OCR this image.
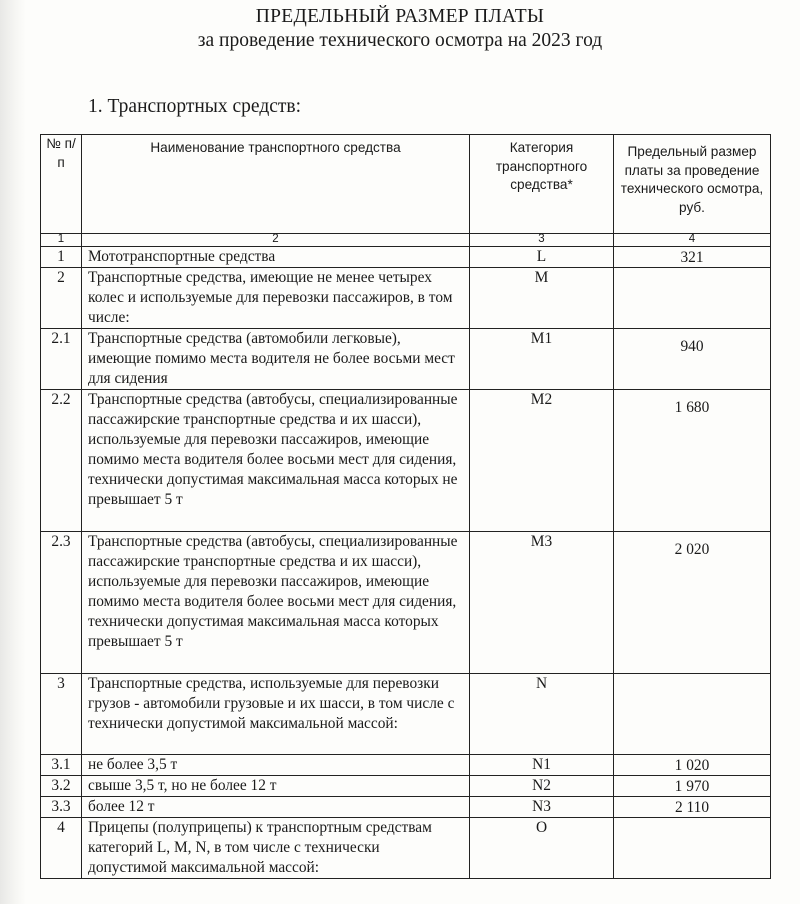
ПРЕДЕЛЬНЫЙ РАЗМЕР ПЛАТЫ
за проведение технического осмотра на 2023 год
1. Транспортных средств:
№ п/п	Наименование транспортного средства	Категория транспортного средства*	Предельный размер платы за проведение технического осмотра, руб.
1	2	3	4
1	Мототранспортные средства	L	321
2	Транспортные средства, имеющие не менее четырех колес и используемые для перевозки пассажиров, в том числе:	M	
2.1	Транспортные средства (автомобили легковые), имеющие помимо места водителя не более восьми мест для сидения	M1	940
2.2	Транспортные средства (автобусы, специализированные пассажирские транспортные средства и их шасси), используемые для перевозки пассажиров, имеющие помимо места водителя более восьми мест для сидения, технически допустимая максимальная масса которых не превышает 5 т	M2	1 680
2.3	Транспортные средства (автобусы, специализированные пассажирские транспортные средства и их шасси), используемые для перевозки пассажиров, имеющие помимо места водителя более восьми мест для сидения, технически допустимая максимальная масса которых превышает 5 т	M3	2 020
3	Транспортные средства, используемые для перевозки грузов - автомобили грузовые и их шасси, в том числе с технически допустимой максимальной массой:	N	
3.1	не более 3,5 т	N1	1 020
3.2	свыше 3,5 т, но не более 12 т	N2	1 970
3.3	более 12 т	N3	2 110
4	Прицепы (полуприцепы) к транспортным средствам категорий L, M, N, в том числе с технически допустимой максимальной массой:	O	
